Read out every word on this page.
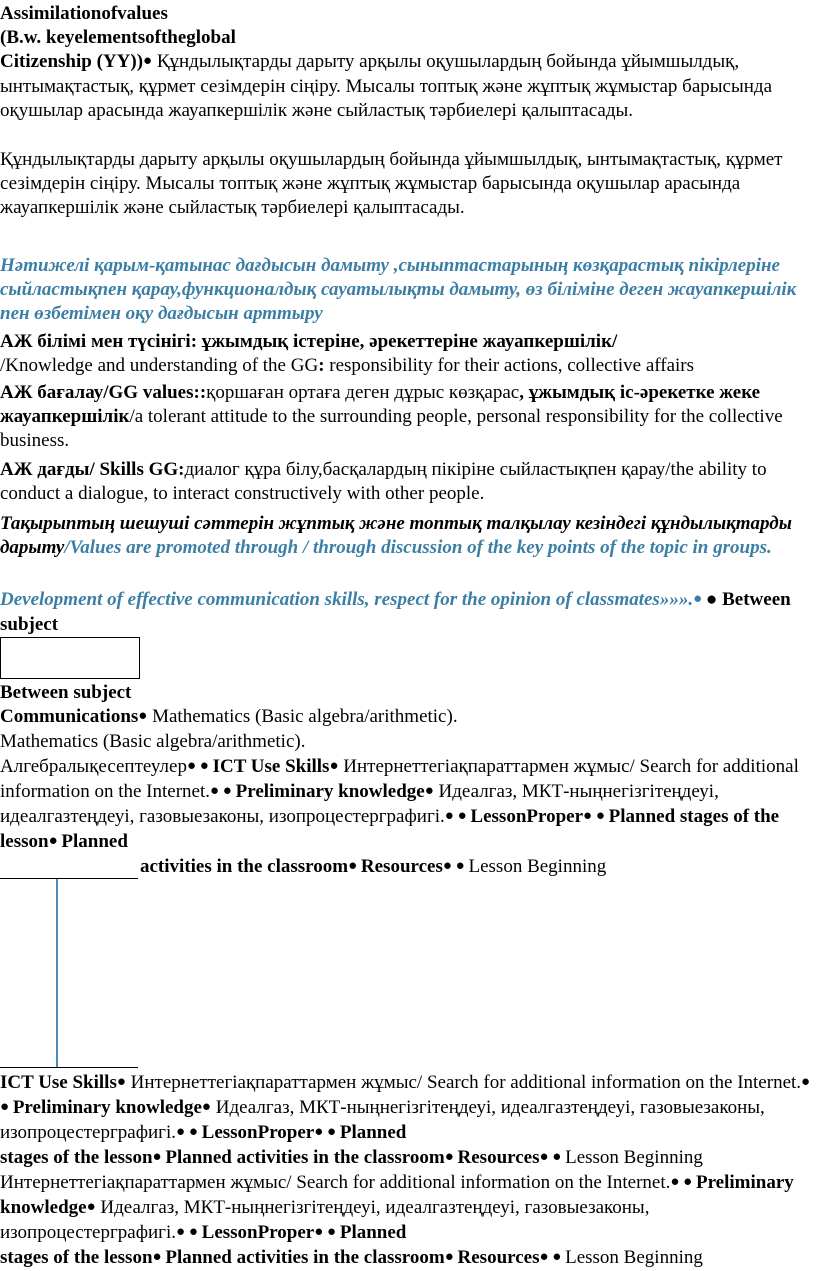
Assimilationofvalues

(B.w. keyelementsoftheglobal

Citizenship (YY))● Құндылықтарды дарыту арқылы оқушылардың бойында ұйымшылдық, ынтымақтастық, құрмет сезімдерін сіңіру. Мысалы топтық және жұптық жұмыстар барысында оқушылар арасында жауапкершілік және сыйластық тәрбиелері қалыптасады.

Құндылықтарды дарыту арқылы оқушылардың бойында ұйымшылдық, ынтымақтастық, құрмет сезімдерін сіңіру. Мысалы топтық және жұптық жұмыстар барысында оқушылар арасында жауапкершілік және сыйластық тәрбиелері қалыптасады.

Нәтижелі қарым-қатынас дағдысын дамыту ,сыныптастарының көзқарастық пікірлеріне сыйластықпен қарау,функционалдық сауатылықты дамыту, өз біліміне деген жауапкершілік пен өзбетімен оқу дағдысын арттыру

АЖ білімі мен түсінігі: ұжымдық істеріне, әрекеттеріне жауапкершілік/
/Knowledge and understanding of the GG: responsibility for their actions, collective affairs

АЖ бағалау/GG values::қоршаған ортаға деген дұрыс көзқарас, ұжымдық іс-әрекетке жеке жауапкершілік/a tolerant attitude to the surrounding people, personal responsibility for the collective business.

АЖ дағды/ Skills GG:диалог құра білу,басқалардың пікіріне сыйластықпен қарау/the ability to conduct a dialogue, to interact constructively with other people.

Тақырыптың шешуші сәттерін жұптық және топтық талқылау кезіндегі құндылықтарды дарыту/Values are promoted through / through discussion of the key points of the topic in groups.

Development of effective communication skills, respect for the opinion of classmates»»».● ● Between subject

Between subject

Communications● Mathematics (Basic algebra/arithmetic).

Mathematics (Basic algebra/arithmetic).

Алгебралықесептеулер● ● ICT Use Skills● Интернеттегіақпараттармен жұмыс/ Search for additional information on the Internet.● ● Preliminary knowledge● Идеалгаз, МКТ-ныңнегізгітеңдеуі, идеалгазтеңдеуі, газовыезаконы, изопроцестерграфигі.● ● LessonProper● ● Planned stages of the lesson● Planned

activities in the classroom● Resources● ● Lesson Beginning

ICT Use Skills● Интернеттегіақпараттармен жұмыс/ Search for additional information on the Internet.● ● Preliminary knowledge● Идеалгаз, МКТ-ныңнегізгітеңдеуі, идеалгазтеңдеуі, газовыезаконы, изопроцестерграфигі.● ● LessonProper● ● Planned
stages of the lesson● Planned activities in the classroom● Resources● ● Lesson Beginning

Интернеттегіақпараттармен жұмыс/ Search for additional information on the Internet.● ● Preliminary knowledge● Идеалгаз, МКТ-ныңнегізгітеңдеуі, идеалгазтеңдеуі, газовыезаконы, изопроцестерграфигі.● ● LessonProper● ● Planned
stages of the lesson● Planned activities in the classroom● Resources● ● Lesson Beginning
